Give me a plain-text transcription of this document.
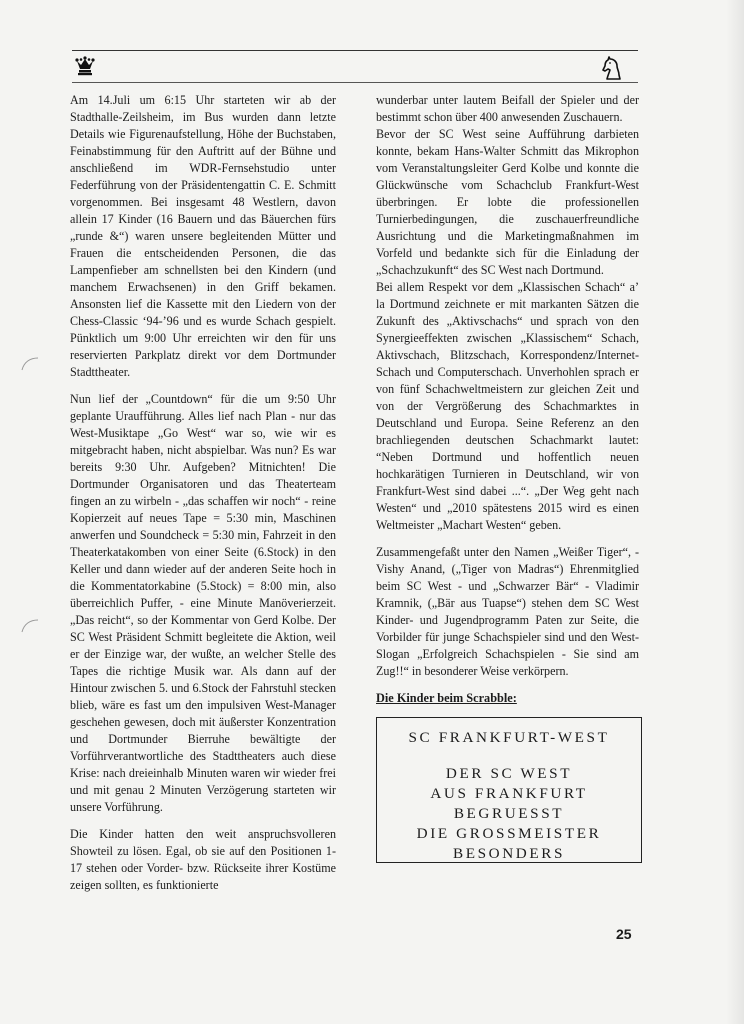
Am 14.Juli um 6:15 Uhr starteten wir ab der Stadthalle-Zeilsheim, im Bus wurden dann letzte Details wie Figurenaufstellung, Höhe der Buchstaben, Feinabstimmung für den Auftritt auf der Bühne und anschließend im WDR-Fernsehstudio unter Federführung von der Präsidentengattin C. E. Schmitt vorgenommen. Bei insgesamt 48 Westlern, davon allein 17 Kinder (16 Bauern und das Bäuerchen fürs „runde &“) waren unsere begleitenden Mütter und Frauen die entscheidenden Personen, die das Lampenfieber am schnellsten bei den Kindern (und manchem Erwachsenen) in den Griff bekamen. Ansonsten lief die Kassette mit den Liedern von der Chess-Classic ‘94-’96 und es wurde Schach gespielt. Pünktlich um 9:00 Uhr erreichten wir den für uns reservierten Parkplatz direkt vor dem Dortmunder Stadttheater.

Nun lief der „Countdown“ für die um 9:50 Uhr geplante Uraufführung. Alles lief nach Plan - nur das West-Musiktape „Go West“ war so, wie wir es mitgebracht haben, nicht abspielbar. Was nun? Es war bereits 9:30 Uhr. Aufgeben? Mitnichten! Die Dortmunder Organisatoren und das Theaterteam fingen an zu wirbeln - „das schaffen wir noch“ - reine Kopierzeit auf neues Tape = 5:30 min, Maschinen anwerfen und Soundcheck = 5:30 min, Fahrzeit in den Theaterkatakomben von einer Seite (6.Stock) in den Keller und dann wieder auf der anderen Seite hoch in die Kommentatorkabine (5.Stock) = 8:00 min, also überreichlich Puffer, - eine Minute Manöverierzeit. „Das reicht“, so der Kommentar von Gerd Kolbe. Der SC West Präsident Schmitt begleitete die Aktion, weil er der Einzige war, der wußte, an welcher Stelle des Tapes die richtige Musik war. Als dann auf der Hintour zwischen 5. und 6.Stock der Fahrstuhl stecken blieb, wäre es fast um den impulsiven West-Manager geschehen gewesen, doch mit äußerster Konzentration und Dortmunder Bierruhe bewältigte der Vorführverantwortliche des Stadttheaters auch diese Krise: nach dreieinhalb Minuten waren wir wieder frei und mit genau 2 Minuten Verzögerung starteten wir unsere Vorführung.

Die Kinder hatten den weit anspruchsvolleren Showteil zu lösen. Egal, ob sie auf den Positionen 1-17 stehen oder Vorder- bzw. Rückseite ihrer Kostüme zeigen sollten, es funktionierte

wunderbar unter lautem Beifall der Spieler und der bestimmt schon über 400 anwesenden Zuschauern.

Bevor der SC West seine Aufführung darbieten konnte, bekam Hans-Walter Schmitt das Mikrophon vom Veranstaltungsleiter Gerd Kolbe und konnte die Glückwünsche vom Schachclub Frankfurt-West überbringen. Er lobte die professionellen Turnierbedingungen, die zuschauerfreundliche Ausrichtung und die Marketingmaßnahmen im Vorfeld und bedankte sich für die Einladung der „Schachzukunft“ des SC West nach Dortmund.

Bei allem Respekt vor dem „Klassischen Schach“ a’ la Dortmund zeichnete er mit markanten Sätzen die Zukunft des „Aktivschachs“ und sprach von den Synergieeffekten zwischen „Klassischem“ Schach, Aktivschach, Blitzschach, Korrespondenz/Internet-Schach und Computerschach. Unverhohlen sprach er von fünf Schachweltmeistern zur gleichen Zeit und von der Vergrößerung des Schachmarktes in Deutschland und Europa. Seine Referenz an den brachliegenden deutschen Schachmarkt lautet: “Neben Dortmund und hoffentlich neuen hochkarätigen Turnieren in Deutschland, wir von Frankfurt-West sind dabei ...“. „Der Weg geht nach Westen“ und „2010 spätestens 2015 wird es einen Weltmeister „Machart Westen“ geben.

Zusammengefaßt unter den Namen „Weißer Tiger“, - Vishy Anand, („Tiger von Madras“) Ehrenmitglied beim SC West - und „Schwarzer Bär“ - Vladimir Kramnik, („Bär aus Tuapse“) stehen dem SC West Kinder- und Jugendprogramm Paten zur Seite, die Vorbilder für junge Schachspieler sind und den West-Slogan „Erfolgreich Schachspielen - Sie sind am Zug!!“ in besonderer Weise verkörpern.

Die Kinder beim Scrabble:
SC FRANKFURT-WEST
DER SC WEST
AUS FRANKFURT
BEGRUESST
DIE GROSSMEISTER
BESONDERS
25
